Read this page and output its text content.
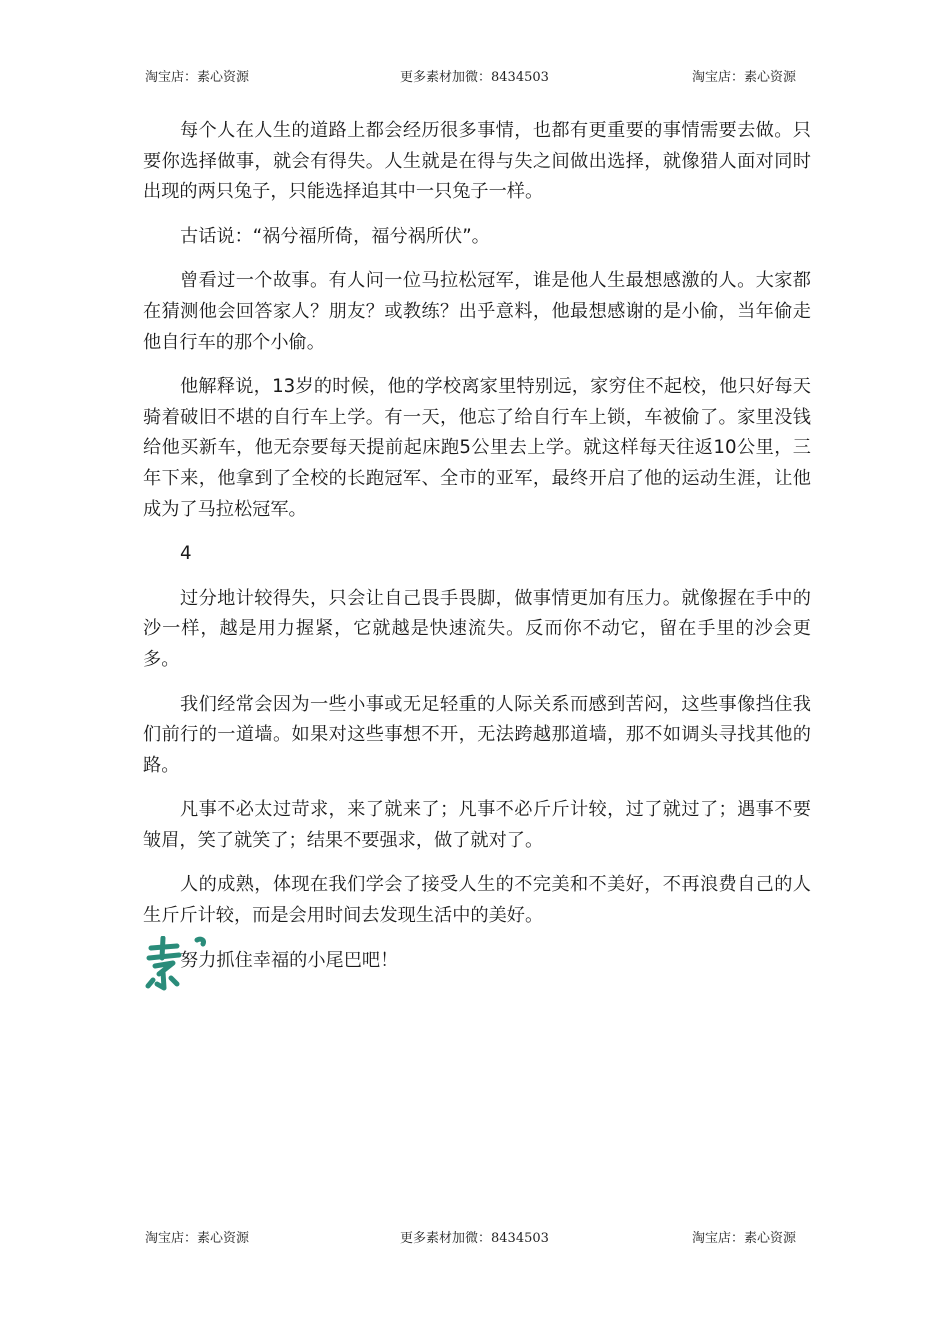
淘宝店：素心资源	更多素材加微：8434503	淘宝店：素心资源

每个人在人生的道路上都会经历很多事情，也都有更重要的事情需要去做。只要你选择做事，就会有得失。人生就是在得与失之间做出选择，就像猎人面对同时出现的两只兔子，只能选择追其中一只兔子一样。

古话说：“祸兮福所倚，福兮祸所伏”。

曾看过一个故事。有人问一位马拉松冠军，谁是他人生最想感激的人。大家都在猜测他会回答家人？朋友？或教练？出乎意料，他最想感谢的是小偷，当年偷走他自行车的那个小偷。

他解释说，13岁的时候，他的学校离家里特别远，家穷住不起校，他只好每天骑着破旧不堪的自行车上学。有一天，他忘了给自行车上锁，车被偷了。家里没钱给他买新车，他无奈要每天提前起床跑5公里去上学。就这样每天往返10公里，三年下来，他拿到了全校的长跑冠军、全市的亚军，最终开启了他的运动生涯，让他成为了马拉松冠军。

4

过分地计较得失，只会让自己畏手畏脚，做事情更加有压力。就像握在手中的沙一样，越是用力握紧，它就越是快速流失。反而你不动它，留在手里的沙会更多。

我们经常会因为一些小事或无足轻重的人际关系而感到苦闷，这些事像挡住我们前行的一道墙。如果对这些事想不开，无法跨越那道墙，那不如调头寻找其他的路。

凡事不必太过苛求，来了就来了；凡事不必斤斤计较，过了就过了；遇事不要皱眉，笑了就笑了；结果不要强求，做了就对了。

人的成熟，体现在我们学会了接受人生的不完美和不美好，不再浪费自己的人生斤斤计较，而是会用时间去发现生活中的美好。

努力抓住幸福的小尾巴吧！

淘宝店：素心资源	更多素材加微：8434503	淘宝店：素心资源
